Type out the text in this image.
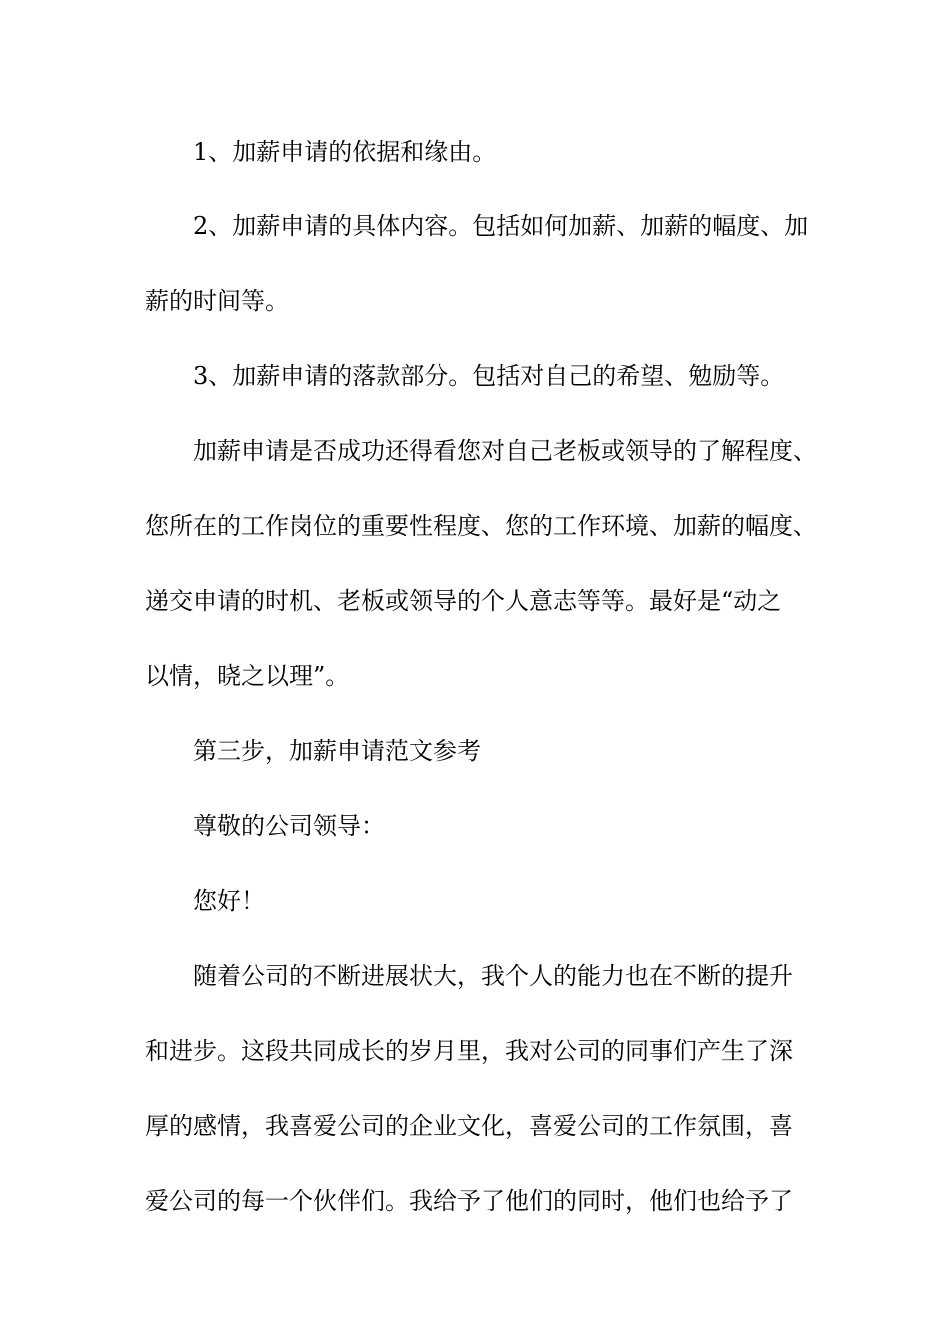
1、加薪申请的依据和缘由。
2、加薪申请的具体内容。包括如何加薪、加薪的幅度、加
薪的时间等。
3、加薪申请的落款部分。包括对自己的希望、勉励等。
加薪申请是否成功还得看您对自己老板或领导的了解程度、
您所在的工作岗位的重要性程度、您的工作环境、加薪的幅度、
递交申请的时机、老板或领导的个人意志等等。最好是“动之
以情，晓之以理”。
第三步，加薪申请范文参考
尊敬的公司领导：
您好！
随着公司的不断进展状大，我个人的能力也在不断的提升
和进步。这段共同成长的岁月里，我对公司的同事们产生了深
厚的感情，我喜爱公司的企业文化，喜爱公司的工作氛围，喜
爱公司的每一个伙伴们。我给予了他们的同时，他们也给予了
